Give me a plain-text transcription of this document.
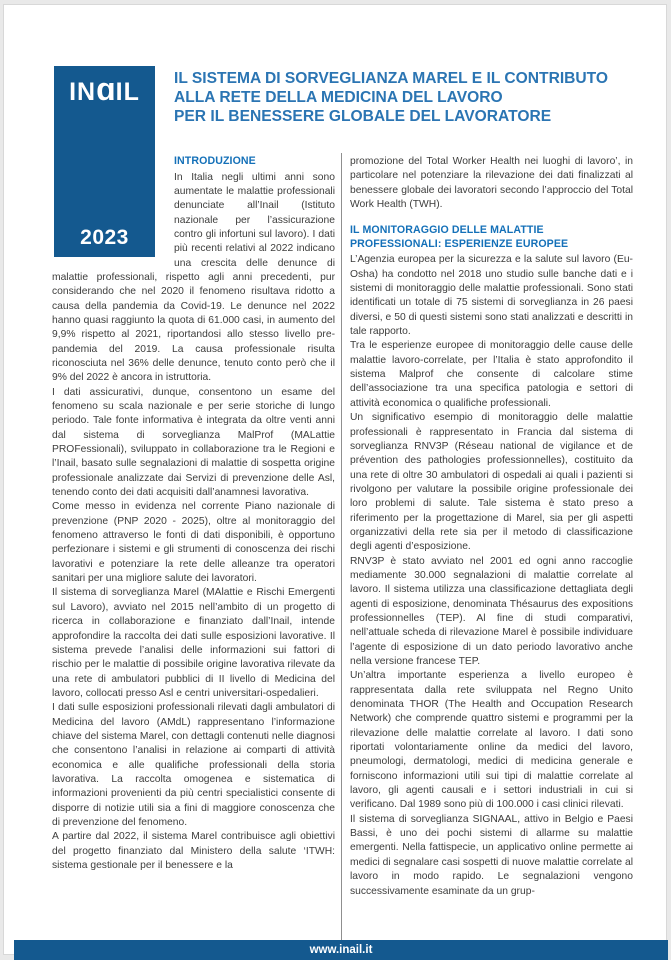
INɑIL
2023
IL SISTEMA DI SORVEGLIANZA MAREL E IL CONTRIBUTO
ALLA RETE DELLA MEDICINA DEL LAVORO
PER IL BENESSERE GLOBALE DEL LAVORATORE
INTRODUZIONE

In Italia negli ultimi anni sono aumentate le malattie professionali denunciate all’Inail (Istituto nazionale per l’assicurazione contro gli infortuni sul lavoro). I dati più recenti relativi al 2022 indicano una crescita delle denunce di malattie professionali, rispetto agli anni precedenti, pur considerando che nel 2020 il fenomeno risultava ridotto a causa della pandemia da Covid-19. Le denunce nel 2022 hanno quasi raggiunto la quota di 61.000 casi, in aumento del 9,9% rispetto al 2021, riportandosi allo stesso livello pre-pandemia del 2019. La causa professionale risulta riconosciuta nel 36% delle denunce, tenuto conto però che il 9% del 2022 è ancora in istruttoria.

I dati assicurativi, dunque, consentono un esame del fenomeno su scala nazionale e per serie storiche di lungo periodo. Tale fonte informativa è integrata da oltre venti anni dal sistema di sorveglianza MalProf (MALattie PROFessionali), sviluppato in collaborazione tra le Regioni e l’Inail, basato sulle segnalazioni di malattie di sospetta origine professionale analizzate dai Servizi di prevenzione delle Asl, tenendo conto dei dati acquisiti dall’anamnesi lavorativa.

Come messo in evidenza nel corrente Piano nazionale di prevenzione (PNP 2020 - 2025), oltre al monitoraggio del fenomeno attraverso le fonti di dati disponibili, è opportuno perfezionare i sistemi e gli strumenti di conoscenza dei rischi lavorativi e potenziare la rete delle alleanze tra operatori sanitari per una migliore salute dei lavoratori.

Il sistema di sorveglianza Marel (MAlattie e Rischi Emergenti sul Lavoro), avviato nel 2015 nell’ambito di un progetto di ricerca in collaborazione e finanziato dall’Inail, intende approfondire la raccolta dei dati sulle esposizioni lavorative. Il sistema prevede l’analisi delle informazioni sui fattori di rischio per le malattie di possibile origine lavorativa rilevate da una rete di ambulatori pubblici di II livello di Medicina del lavoro, collocati presso Asl e centri universitari-ospedalieri.

I dati sulle esposizioni professionali rilevati dagli ambulatori di Medicina del lavoro (AMdL) rappresentano l’informazione chiave del sistema Marel, con dettagli contenuti nelle diagnosi che consentono l’analisi in relazione ai comparti di attività economica e alle qualifiche professionali della storia lavorativa. La raccolta omogenea e sistematica di informazioni provenienti da più centri specialistici consente di disporre di notizie utili sia a fini di maggiore conoscenza che di prevenzione del fenomeno.

A partire dal 2022, il sistema Marel contribuisce agli obiettivi del progetto finanziato dal Ministero della salute ‘ITWH: sistema gestionale per il benessere e la

promozione del Total Worker Health nei luoghi di lavoro’, in particolare nel potenziare la rilevazione dei dati finalizzati al benessere globale dei lavoratori secondo l’approccio del Total Work Health (TWH).

IL MONITORAGGIO DELLE MALATTIE
PROFESSIONALI: ESPERIENZE EUROPEE

L’Agenzia europea per la sicurezza e la salute sul lavoro (Eu-Osha) ha condotto nel 2018 uno studio sulle banche dati e i sistemi di monitoraggio delle malattie professionali. Sono stati identificati un totale di 75 sistemi di sorveglianza in 26 paesi diversi, e 50 di questi sistemi sono stati analizzati e descritti in tale rapporto.

Tra le esperienze europee di monitoraggio delle cause delle malattie lavoro-correlate, per l’Italia è stato approfondito il sistema Malprof che consente di calcolare stime dell’associazione tra una specifica patologia e settori di attività economica o qualifiche professionali.

Un significativo esempio di monitoraggio delle malattie professionali è rappresentato in Francia dal sistema di sorveglianza RNV3P (Réseau national de vigilance et de prévention des pathologies professionnelles), costituito da una rete di oltre 30 ambulatori di ospedali ai quali i pazienti si rivolgono per valutare la possibile origine professionale dei loro problemi di salute. Tale sistema è stato preso a riferimento per la progettazione di Marel, sia per gli aspetti organizzativi della rete sia per il metodo di classificazione degli agenti d’esposizione.

RNV3P è stato avviato nel 2001 ed ogni anno raccoglie mediamente 30.000 segnalazioni di malattie correlate al lavoro. Il sistema utilizza una classificazione dettagliata degli agenti di esposizione, denominata Thésaurus des expositions professionnelles (TEP). Al fine di studi comparativi, nell’attuale scheda di rilevazione Marel è possibile individuare l’agente di esposizione di un dato periodo lavorativo anche nella versione francese TEP.

Un’altra importante esperienza a livello europeo è rappresentata dalla rete sviluppata nel Regno Unito denominata THOR (The Health and Occupation Research Network) che comprende quattro sistemi e programmi per la rilevazione delle malattie correlate al lavoro. I dati sono riportati volontariamente online da medici del lavoro, pneumologi, dermatologi, medici di medicina generale e forniscono informazioni utili sui tipi di malattie correlate al lavoro, gli agenti causali e i settori industriali in cui si verificano. Dal 1989 sono più di 100.000 i casi clinici rilevati.

Il sistema di sorveglianza SIGNAAL, attivo in Belgio e Paesi Bassi, è uno dei pochi sistemi di allarme su malattie emergenti. Nella fattispecie, un applicativo online permette ai medici di segnalare casi sospetti di nuove malattie correlate al lavoro in modo rapido. Le segnalazioni vengono successivamente esaminate da un grup-

www.inail.it
